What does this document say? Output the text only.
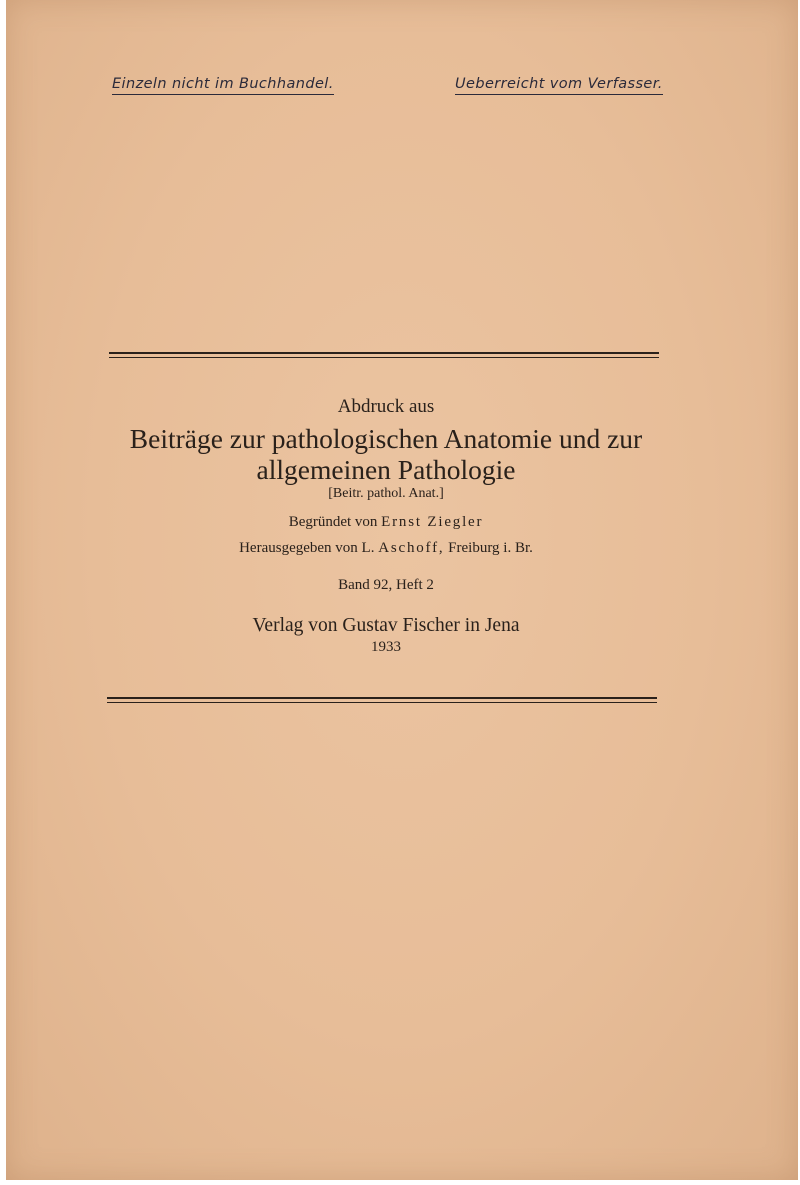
Einzeln nicht im Buchhandel.	Ueberreicht vom Verfasser.
Abdruck aus
Beiträge zur pathologischen Anatomie und zur
allgemeinen Pathologie
[Beitr. pathol. Anat.]
Begründet von Ernst Ziegler
Herausgegeben von L. Aschoff, Freiburg i. Br.
Band 92, Heft 2
Verlag von Gustav Fischer in Jena
1933
